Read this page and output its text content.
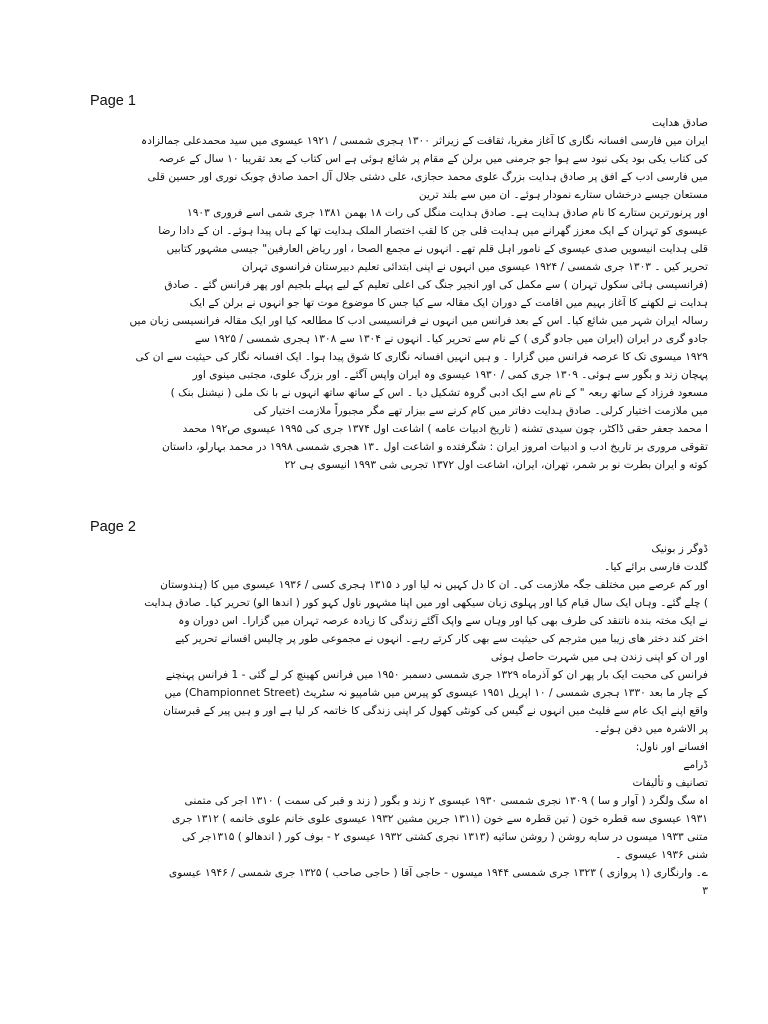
Page 1
صادق هدایت
ایران میں فارسی افسانہ نگاری کا آغاز مغربا، ثقافت کے زیراثر ۱۳۰۰ ہجری شمسی / ۱۹۲۱ عیسوی میں سید محمدعلی جمالزادہ
کی کتاب یکی بود یکی نبود سے ہوا جو جرمنی میں برلن کے مقام پر شائع ہوئی ہے اس کتاب کے بعد تقریبا ۱۰ سال کے عرصہ
میں فارسی ادب کے افق پر صادق ہدایت بزرگ علوی محمد حجازی، علی دشتی جلال آل احمد صادق چوبک نوری اور حسین قلی
مستعان جیسے درخشاں ستارے نمودار ہوئے۔ ان میں سے بلند ترین
اور پرنورترین ستارے کا نام صادق ہدایت ہے۔ صادق ہدایت منگل کی رات ۱۸ بهمن ۱۳۸۱ جری شمی اسے فروری ۱۹۰۳
عیسوی کو تہران کے ایک معزز گھرانے میں ہدایت قلی جن کا لقب اختصار الملک ہدایت تھا کے ہاں پیدا ہوئے۔ ان کے دادا رضا
قلی ہدایت انیسویں صدی عیسوی کے نامور اہل قلم تھے۔ انہوں نے مجمع الصحا ، اور ریاض العارفین" جیسی مشہور کتابیں
تحریر کیں ۔ ۱۳۰۳ جری شمسی / ۱۹۲۴ عیسوی میں انہوں نے اپنی ابتدائی تعلیم دبیرستان فرانسوی تہران
(فرانسیسی ہائی سکول تہران ) سے مکمل کی اور انجیر جنگ کی اعلی تعلیم کے لیے پہلے بلجیم اور پھر فرانس گئے ۔ صادق
ہدایت نے لکھنے کا آغاز بہیم میں اقامت کے دوران ایک مقالہ سے کیا جس کا موضوع موت تھا جو انہوں نے برلن کے ایک
رسالہ ایران شہر میں شائع کیا۔ اس کے بعد فرانس میں انہوں نے فرانسیسی ادب کا مطالعہ کیا اور ایک مقالہ فرانسیسی زبان میں
جادو گری در ایران (ایران میں جادو گری ) کے نام سے تحریر کیا۔ انہوں نے ۱۳۰۴ سے ۱۳۰۸ ہجری شمسی / ۱۹۲۵ سے
۱۹۲۹ میسوی تک کا عرصہ فرانس میں گزارا ۔ و ہیں انہیں افسانہ نگاری کا شوق پیدا ہوا۔ ایک افسانہ نگار کی حیثیت سے ان کی
پہچان زند و بگور سے ہوئی۔ ۱۳۰۹ جری کمی / ۱۹۳۰ عیسوی وہ ایران واپس آگئے۔ اور بزرگ علوی، مجتبی مینوی اور
مسعود فرزاد کے ساتھ ربعہ " کے نام سے ایک ادبی گروہ تشکیل دیا ۔ اس کے ساتھ ساتھ انہوں نے با نک ملی ( نیشنل بنک )
میں ملازمت اختیار کرلی۔ صادق ہدایت دفاتر میں کام کرنے سے بیزار تھے مگر مجبوراً ملازمت اختیار کی
ا محمد جعفر حقی ڈاکٹر، چون سیدی تشنه ( تاریخ ادبیات عامه ) اشاعت اول ۱۳۷۴ جری کی ۱۹۹۵ عیسوی ص۱۹۲ محمد
تقوقی مروری بر تاریخ ادب و ادبیات امروز ایران : شگرفتده و اشاعت اول ۔۱۳ هجری شمسی ۱۹۹۸ در محمد بہارلو، داستان
کوته و ایران بطرت نو بر شمر، تهران، ایران، اشاعت اول ۱۳۷۲ تجربی شی ۱۹۹۳ انیسوی ہی ۲۲
Page 2
ڈوگر ز بونیک
گلدت فارسی برائے کیا۔
اور کم عرصے میں مختلف جگہ ملازمت کی۔ ان کا دل کہیں نہ لیا اور د ۱۳۱۵ ہجری کسی / ۱۹۳۶ عیسوی میں کا (ہندوستان
) چلے گئے۔ وہاں ایک سال قیام کیا اور پہلوی زبان سیکھی اور میں اپنا مشہور ناول کہو کور ( اندھا الو) تحریر کیا۔ صادق ہدایت
نے ایک مختہ بندہ ناتنقد کی طرف بھی کیا اور وہاں سے واپک آگئے زندگی کا زیادہ عرصہ تہران میں گزارا۔ اس دوران وہ
اختر کند دختر های زیبا میں مترجم کی حیثیت سے بھی کار کرتے رہے۔ انہوں نے مجموعی طور پر چالیس افسانے تحریر کیے
اور ان کو اپنی زندن ہی میں شہرت حاصل ہوئی
فرانس کی محبت ایک بار پھر ان کو آذرماه ۱۳۲۹ جری شمسی دسمبر ۱۹۵۰ میں فرانس کھینچ کر لے گئی - 1 فرانس پہنچنے
کے چار ما بعد ۱۳۳۰ ہجری شمسی / ۱۰ اپریل ۱۹۵۱ عیسوی کو پیرس میں شامپیو نہ سٹریٹ (Championnet Street) میں
واقع اپنے ایک عام سے فلیٹ میں انہوں نے گیس کی کونٹی کھول کر اپنی زندگی کا خاتمہ کر لیا ہے اور و ہیں پیر کے قبرستان
پر الاشرہ میں دفن ہوئے۔
افسانے اور ناول:
ڈرامے
تصانیف و تألیفات
اہ سگ ولگرد ( آوار و سا ) ۱۳۰۹ نجری شمسی ۱۹۳۰ عیسوی ۲ زند و بگور ( زند و قبر کی سمت ) ۱۳۱۰ اجر کی متمنی
۱۹۳۱ عیسوی سه قطره خون ( تین قطرہ سے خون (۱۳۱۱ جرین مشین ۱۹۳۲ عیسوی علوی خانم علوی خانمه ) ۱۳۱۲ جری
متنی ۱۹۳۳ میسوں در سایه روشن ( روشن سائیه (۱۳۱۳ نجری کشتی ۱۹۳۲ عیسوی ۲ - بوف کور ( اندهالو ) ۱۳۱۵جر کی
شنی ۱۹۳۶ عیسوی ۔
ے۔ وارنگاری (۱ پروازی ) ۱۳۲۳ جری شمسی ۱۹۴۴ میسوں - حاجی آقا ( حاجی صاحب ) ۱۳۲۵ جری شمسی / ۱۹۴۶ عیسوی
۳
